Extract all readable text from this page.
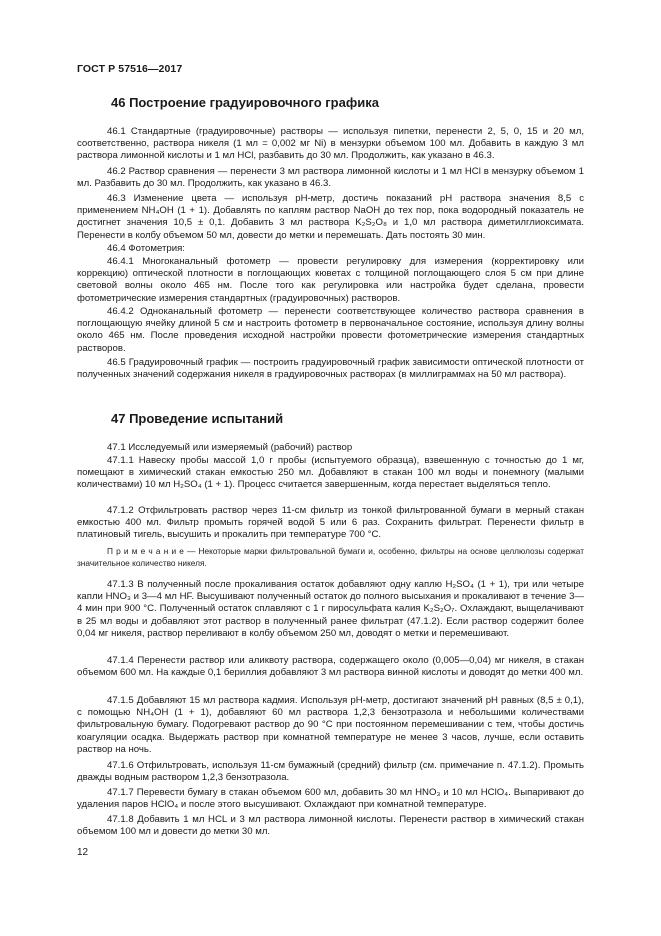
ГОСТ Р 57516—2017
46 Построение градуировочного графика
46.1 Стандартные (градуировочные) растворы — используя пипетки, перенести 2, 5, 0, 15 и 20 мл, соответственно, раствора никеля (1 мл = 0,002 мг Ni) в мензурки объемом 100 мл. Добавить в каждую 3 мл раствора лимонной кислоты и 1 мл HCl, разбавить до 30 мл. Продолжить, как указано в 46.3.
46.2 Раствор сравнения — перенести 3 мл раствора лимонной кислоты и 1 мл HCl в мензурку объемом 1 мл. Разбавить до 30 мл. Продолжить, как указано в 46.3.
46.3 Изменение цвета — используя pH-метр, достичь показаний pH раствора значения 8,5 с применением NH₄OH (1 + 1). Добавлять по каплям раствор NaOH до тех пор, пока водородный показатель не достигнет значения 10,5 ± 0,1. Добавить 3 мл раствора K₂S₂O₈ и 1,0 мл раствора диметилглиоксимата. Перенести в колбу объемом 50 мл, довести до метки и перемешать. Дать постоять 30 мин.
46.4 Фотометрия:
46.4.1 Многоканальный фотометр — провести регулировку для измерения (корректировку или коррекцию) оптической плотности в поглощающих кюветах с толщиной поглощающего слоя 5 см при длине световой волны около 465 нм. После того как регулировка или настройка будет сделана, провести фотометрические измерения стандартных (градуировочных) растворов.
46.4.2 Одноканальный фотометр — перенести соответствующее количество раствора сравнения в поглощающую ячейку длиной 5 см и настроить фотометр в первоначальное состояние, используя длину волны около 465 нм. После проведения исходной настройки провести фотометрические измерения стандартных растворов.
46.5 Градуировочный график — построить градуировочный график зависимости оптической плотности от полученных значений содержания никеля в градуировочных растворах (в миллиграммах на 50 мл раствора).
47 Проведение испытаний
47.1 Исследуемый или измеряемый (рабочий) раствор
47.1.1 Навеску пробы массой 1,0 г пробы (испытуемого образца), взвешенную с точностью до 1 мг, помещают в химический стакан емкостью 250 мл. Добавляют в стакан 100 мл воды и понемногу (малыми количествами) 10 мл H₂SO₄ (1 + 1). Процесс считается завершенным, когда перестает выделяться тепло.
47.1.2 Отфильтровать раствор через 11-см фильтр из тонкой фильтрованной бумаги в мерный стакан емкостью 400 мл. Фильтр промыть горячей водой 5 или 6 раз. Сохранить фильтрат. Перенести фильтр в платиновый тигель, высушить и прокалить при температуре 700 °С.
П р и м е ч а н и е — Некоторые марки фильтровальной бумаги и, особенно, фильтры на основе целлюлозы содержат значительное количество никеля.
47.1.3 В полученный после прокаливания остаток добавляют одну каплю H₂SO₄ (1 + 1), три или четыре капли HNO₃ и 3—4 мл HF. Высушивают полученный остаток до полного высыхания и прокаливают в течение 3—4 мин при 900 °С. Полученный остаток сплавляют с 1 г пиросульфата калия K₂S₂O₇. Охлаждают, выщелачивают в 25 мл воды и добавляют этот раствор в полученный ранее фильтрат (47.1.2). Если раствор содержит более 0,04 мг никеля, раствор переливают в колбу объемом 250 мл, доводят о метки и перемешивают.
47.1.4 Перенести раствор или аликвоту раствора, содержащего около (0,005—0,04) мг никеля, в стакан объемом 600 мл. На каждые 0,1 бериллия добавляют 3 мл раствора винной кислоты и доводят до метки 400 мл.
47.1.5 Добавляют 15 мл раствора кадмия. Используя pH-метр, достигают значений pH равных (8,5 ± 0,1), с помощью NH₄OH (1 + 1), добавляют 60 мл раствора 1,2,3 бензотразола и небольшими количествами фильтровальную бумагу. Подогревают раствор до 90 °С при постоянном перемешивании с тем, чтобы достичь коагуляции осадка. Выдержать раствор при комнатной температуре не менее 3 часов, лучше, если оставить раствор на ночь.
47.1.6 Отфильтровать, используя 11-см бумажный (средний) фильтр (см. примечание п. 47.1.2). Промыть дважды водным раствором 1,2,3 бензотразола.
47.1.7 Перевести бумагу в стакан объемом 600 мл, добавить 30 мл HNO₃ и 10 мл HClO₄. Выпаривают до удаления паров HClO₄ и после этого высушивают. Охлаждают при комнатной температуре.
47.1.8 Добавить 1 мл HCL и 3 мл раствора лимонной кислоты. Перенести раствор в химический стакан объемом 100 мл и довести до метки 30 мл.
12
